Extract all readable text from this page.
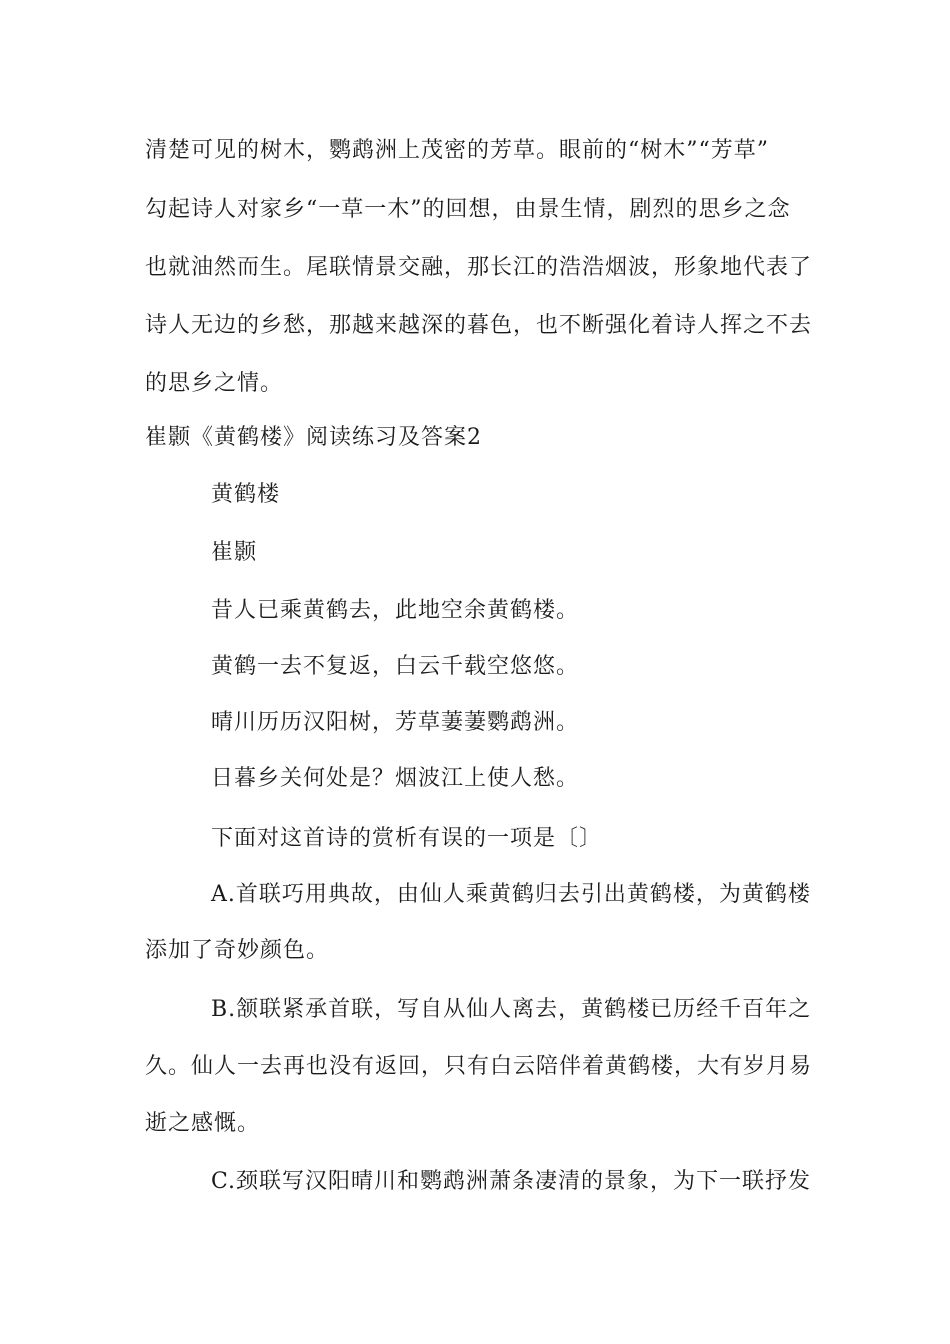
清楚可见的树木，鹦鹉洲上茂密的芳草。眼前的“树木”“芳草”
勾起诗人对家乡“一草一木”的回想，由景生情，剧烈的思乡之念
也就油然而生。尾联情景交融，那长江的浩浩烟波，形象地代表了
诗人无边的乡愁，那越来越深的暮色，也不断强化着诗人挥之不去
的思乡之情。
崔颢《黄鹤楼》阅读练习及答案2
黄鹤楼
崔颢
昔人已乘黄鹤去，此地空余黄鹤楼。
黄鹤一去不复返，白云千载空悠悠。
晴川历历汉阳树，芳草萋萋鹦鹉洲。
日暮乡关何处是？烟波江上使人愁。
下面对这首诗的赏析有误的一项是〔〕
A.首联巧用典故，由仙人乘黄鹤归去引出黄鹤楼，为黄鹤楼
添加了奇妙颜色。
B.颔联紧承首联，写自从仙人离去，黄鹤楼已历经千百年之
久。仙人一去再也没有返回，只有白云陪伴着黄鹤楼，大有岁月易
逝之感慨。
C.颈联写汉阳晴川和鹦鹉洲萧条凄清的景象，为下一联抒发
